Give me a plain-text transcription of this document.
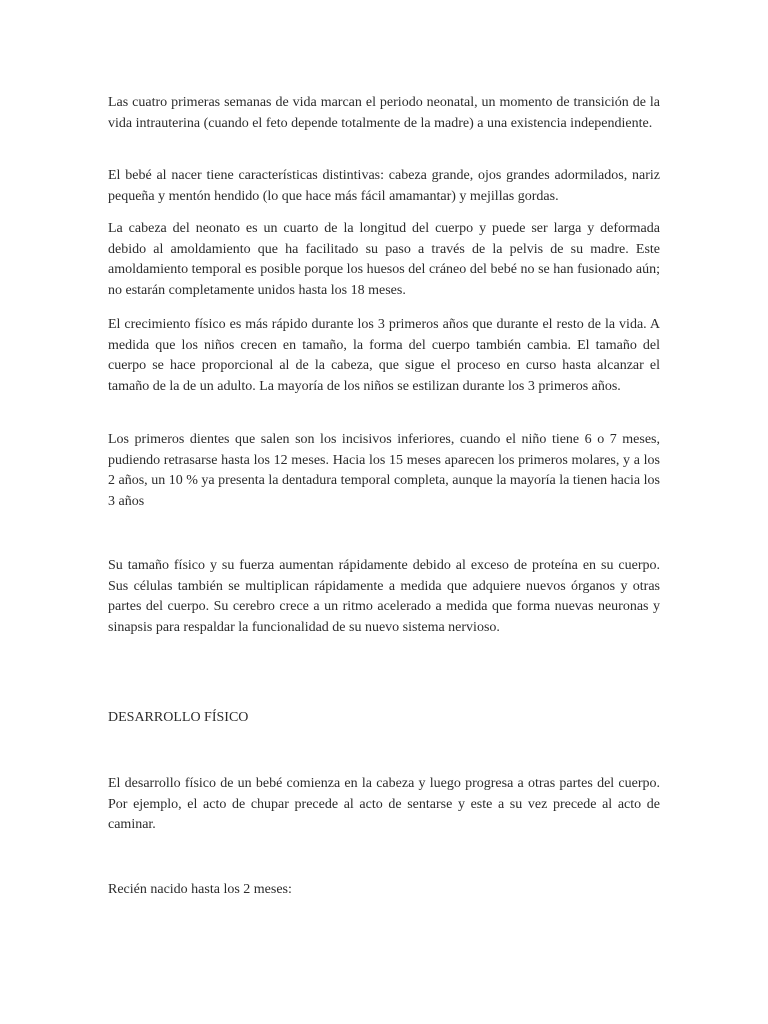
Las cuatro primeras semanas de vida marcan el periodo neonatal, un momento de transición de la vida intrauterina (cuando el feto depende totalmente de la madre) a una existencia independiente.

El bebé al nacer tiene características distintivas: cabeza grande, ojos grandes adormilados, nariz pequeña y mentón hendido (lo que hace más fácil amamantar) y mejillas gordas.

La cabeza del neonato es un cuarto de la longitud del cuerpo y puede ser larga y deformada debido al amoldamiento que ha facilitado su paso a través de la pelvis de su madre. Este amoldamiento temporal es posible porque los huesos del cráneo del bebé no se han fusionado aún; no estarán completamente unidos hasta los 18 meses.

El crecimiento físico es más rápido durante los 3 primeros años que durante el resto de la vida. A medida que los niños crecen en tamaño, la forma del cuerpo también cambia. El tamaño del cuerpo se hace proporcional al de la cabeza, que sigue el proceso en curso hasta alcanzar el tamaño de la de un adulto. La mayoría de los niños se estilizan durante los 3 primeros años.

Los primeros dientes que salen son los incisivos inferiores, cuando el niño tiene 6 o 7 meses, pudiendo retrasarse hasta los 12 meses. Hacia los 15 meses aparecen los primeros molares, y a los 2 años, un 10 % ya presenta la dentadura temporal completa, aunque la mayoría la tienen hacia los 3 años

Su tamaño físico y su fuerza aumentan rápidamente debido al exceso de proteína en su cuerpo. Sus células también se multiplican rápidamente a medida que adquiere nuevos órganos y otras partes del cuerpo. Su cerebro crece a un ritmo acelerado a medida que forma nuevas neuronas y sinapsis para respaldar la funcionalidad de su nuevo sistema nervioso.

DESARROLLO FÍSICO

El desarrollo físico de un bebé comienza en la cabeza y luego progresa a otras partes del cuerpo. Por ejemplo, el acto de chupar precede al acto de sentarse y este a su vez precede al acto de caminar.

Recién nacido hasta los 2 meses:
